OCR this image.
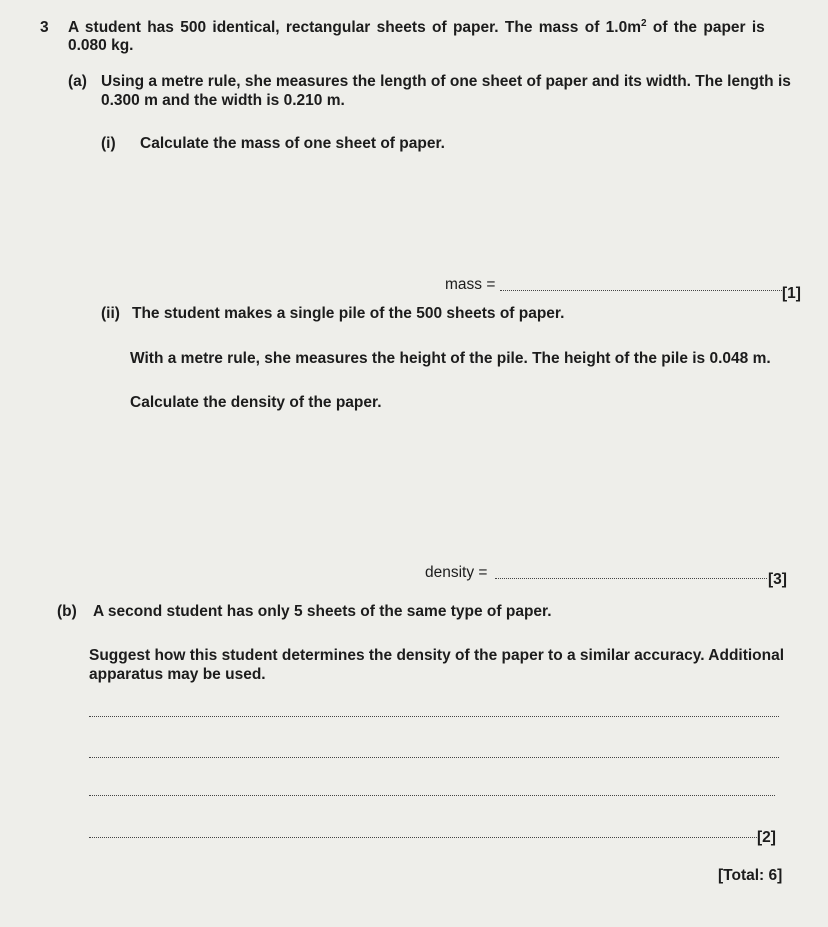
3 A student has 500 identical, rectangular sheets of paper. The mass of $1.0m^2$ of the paper is
0.080 kg.
(a) Using a metre rule, she measures the length of one sheet of paper and its width. The length is
0.300 m and the width is 0.210 m.
(i) Calculate the mass of one sheet of paper.
mass =
[1]
(ii) The student makes a single pile of the 500 sheets of paper.
With a metre rule, she measures the height of the pile. The height of the pile is 0.048 m.
Calculate the density of the paper.
density =	[3]
(b) A second student has only 5 sheets of the same type of paper.
Suggest how this student determines the density of the paper to a similar accuracy. Additional
apparatus may be used.
[2]
[Total: 6]
